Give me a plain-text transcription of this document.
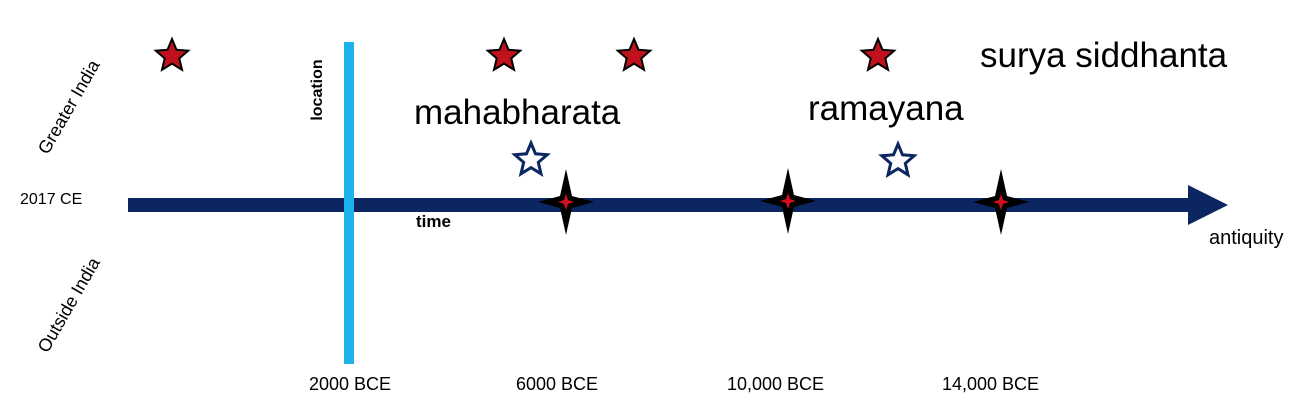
Greater India
Outside India
location
2017 CE
time
antiquity
mahabharata	ramayana
surya siddhanta
2000 BCE	6000 BCE	10,000 BCE	14,000 BCE
